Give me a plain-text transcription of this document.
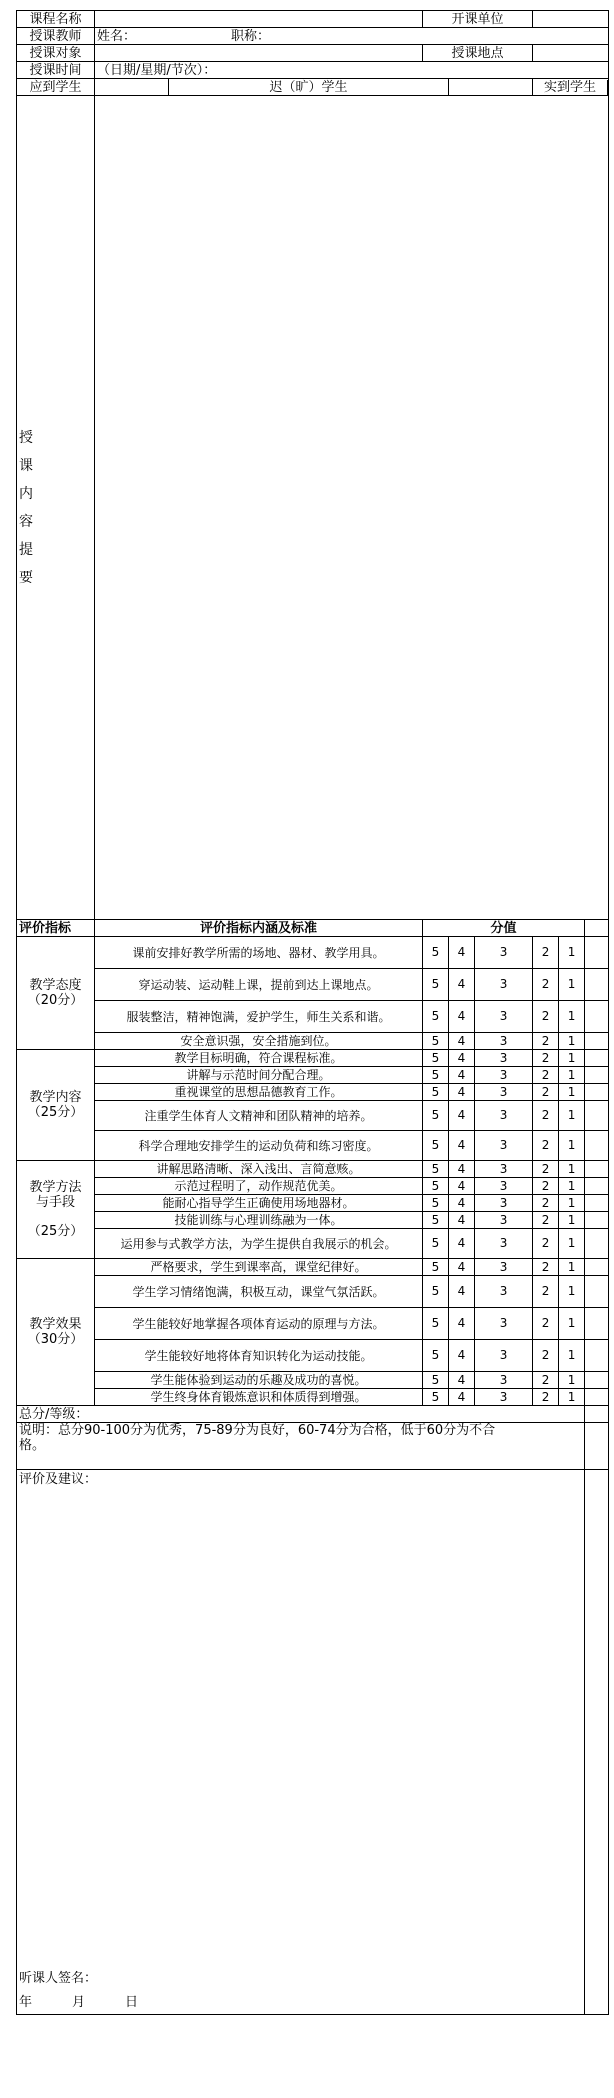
课程名称		开课单位	
授课教师	姓名：	职称：
授课对象		授课地点	
授课时间	（日期/星期/节次）：
应到学生		迟（旷）学生			实到学生	

授
课
内
容
提
要

评价指标	评价指标内涵及标准	分值	

教学态度
（20分）
	课前安排好教学所需的场地、器材、教学用具。	5	4	3	2	1	
穿运动装、运动鞋上课，提前到达上课地点。	5	4	3	2	1	
服装整洁，精神饱满，爱护学生，师生关系和谐。	5	4	3	2	1	
安全意识强，安全措施到位。	5	4	3	2	1	

教学内容
（25分）
	教学目标明确，符合课程标准。	5	4	3	2	1	
讲解与示范时间分配合理。	5	4	3	2	1	
重视课堂的思想品德教育工作。	5	4	3	2	1	
注重学生体育人文精神和团队精神的培养。	5	4	3	2	1	
科学合理地安排学生的运动负荷和练习密度。	5	4	3	2	1	

教学方法
与手段
（25分）
	讲解思路清晰、深入浅出、言简意赅。	5	4	3	2	1	
示范过程明了，动作规范优美。	5	4	3	2	1	
能耐心指导学生正确使用场地器材。	5	4	3	2	1	
技能训练与心理训练融为一体。	5	4	3	2	1	
运用参与式教学方法，为学生提供自我展示的机会。	5	4	3	2	1	

教学效果
（30分）
	严格要求，学生到课率高，课堂纪律好。	5	4	3	2	1	
学生学习情绪饱满，积极互动，课堂气氛活跃。	5	4	3	2	1	
学生能较好地掌握各项体育运动的原理与方法。	5	4	3	2	1	
学生能较好地将体育知识转化为运动技能。	5	4	3	2	1	
学生能体验到运动的乐趣及成功的喜悦。	5	4	3	2	1	
学生终身体育锻炼意识和体质得到增强。	5	4	3	2	1	
总分/等级：	
说明：总分90-100分为优秀，75-89分为良好，60-74分为合格，低于60分为不合格。	

评价及建议：
听课人签名：
年	月	日
